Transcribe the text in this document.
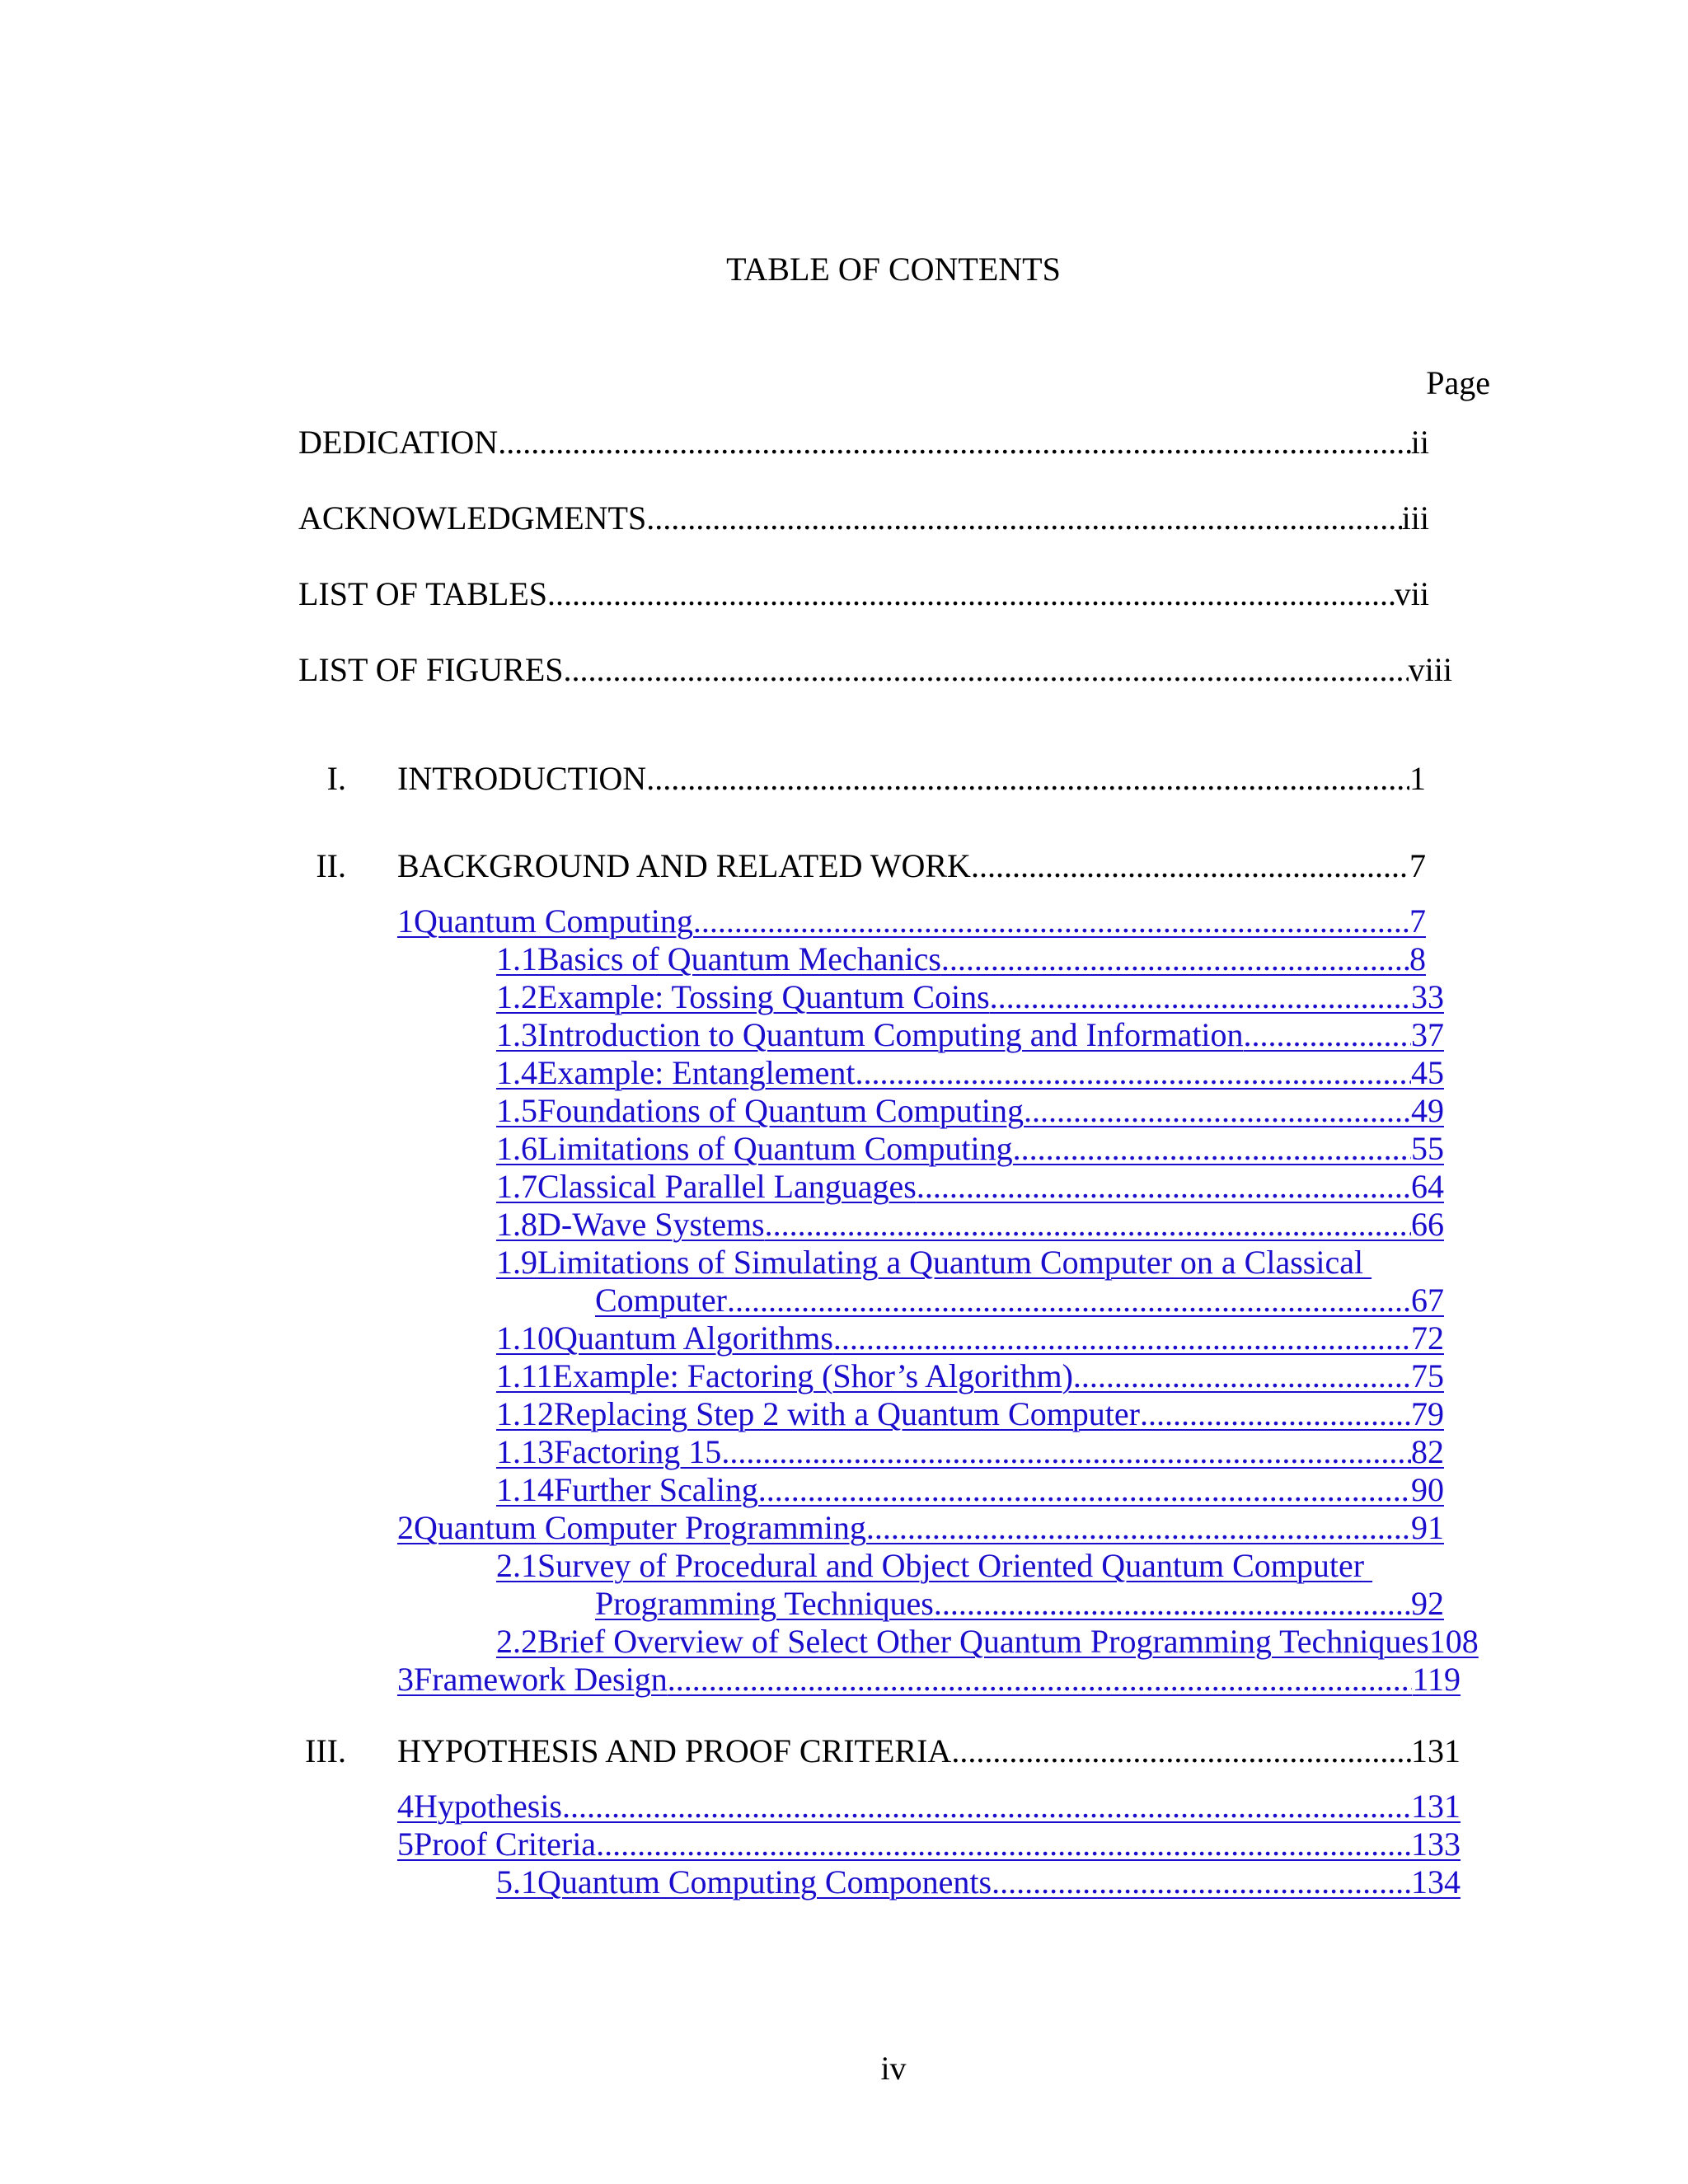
TABLE OF CONTENTS
Page
DEDICATION .....	ii
ACKNOWLEDGMENTS .....	iii
LIST OF TABLES .....	vii
LIST OF FIGURES .....	viii
I. INTRODUCTION .....	1
II. BACKGROUND AND RELATED WORK .....	7
1Quantum Computing .....	7
1.1Basics of Quantum Mechanics .....	8
1.2Example: Tossing Quantum Coins .....	33
1.3Introduction to Quantum Computing and Information .....	37
1.4Example: Entanglement .....	45
1.5Foundations of Quantum Computing .....	49
1.6Limitations of Quantum Computing .....	55
1.7Classical Parallel Languages .....	64
1.8D-Wave Systems .....	66
1.9Limitations of Simulating a Quantum Computer on a Classical
Computer .....	67
1.10Quantum Algorithms .....	72
1.11Example: Factoring (Shor’s Algorithm) .....	75
1.12Replacing Step 2 with a Quantum Computer .....	79
1.13Factoring 15 .....	82
1.14Further Scaling .....	90
2Quantum Computer Programming .....	91
2.1Survey of Procedural and Object Oriented Quantum Computer
Programming Techniques .....	92
2.2Brief Overview of Select Other Quantum Programming Techniques108
3Framework Design .....	119
III. HYPOTHESIS AND PROOF CRITERIA .....	131
4Hypothesis .....	131
5Proof Criteria .....	133
5.1Quantum Computing Components .....	134
iv
